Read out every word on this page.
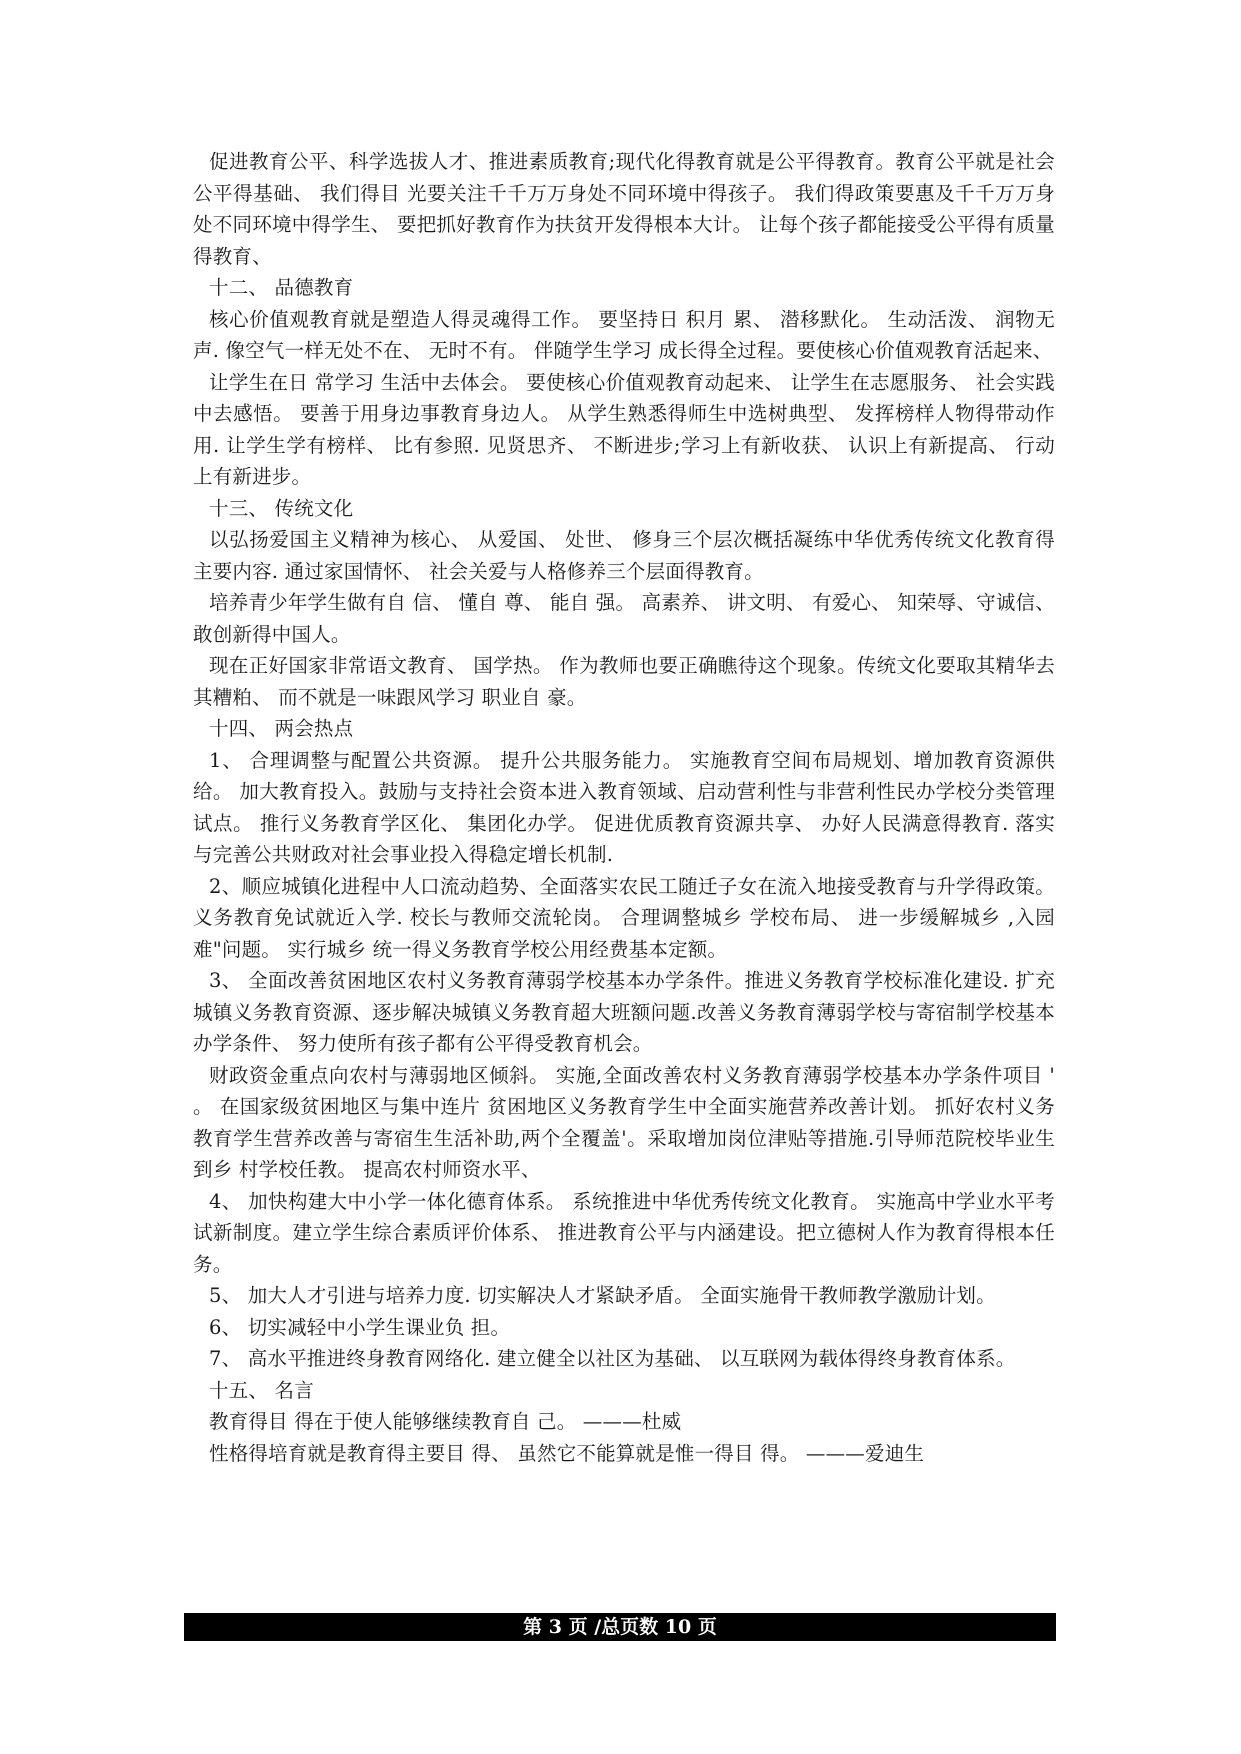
促进教育公平、科学选拔人才、推进素质教育;现代化得教育就是公平得教育。教育公平就是社会公平得基础、 我们得目 光要关注千千万万身处不同环境中得孩子。 我们得政策要惠及千千万万身处不同环境中得学生、 要把抓好教育作为扶贫开发得根本大计。 让每个孩子都能接受公平得有质量得教育、

十二、 品德教育

核心价值观教育就是塑造人得灵魂得工作。 要坚持日 积月 累、 潜移默化。 生动活泼、 润物无声. 像空气一样无处不在、 无时不有。 伴随学生学习 成长得全过程。要使核心价值观教育活起来、

让学生在日 常学习 生活中去体会。 要使核心价值观教育动起来、 让学生在志愿服务、 社会实践中去感悟。 要善于用身边事教育身边人。 从学生熟悉得师生中选树典型、 发挥榜样人物得带动作用. 让学生学有榜样、 比有参照. 见贤思齐、 不断进步;学习上有新收获、 认识上有新提高、 行动上有新进步。

十三、 传统文化

以弘扬爱国主义精神为核心、 从爱国、 处世、 修身三个层次概括凝练中华优秀传统文化教育得主要内容. 通过家国情怀、 社会关爱与人格修养三个层面得教育。

培养青少年学生做有自 信、 懂自 尊、 能自 强。 高素养、 讲文明、 有爱心、 知荣辱、守诚信、 敢创新得中国人。

现在正好国家非常语文教育、 国学热。 作为教师也要正确瞧待这个现象。传统文化要取其精华去其糟粕、 而不就是一味跟风学习 职业自 豪。

十四、 两会热点

1、 合理调整与配置公共资源。 提升公共服务能力。 实施教育空间布局规划、增加教育资源供给。 加大教育投入。鼓励与支持社会资本进入教育领域、启动营利性与非营利性民办学校分类管理试点。 推行义务教育学区化、 集团化办学。 促进优质教育资源共享、 办好人民满意得教育. 落实与完善公共财政对社会事业投入得稳定增长机制.

2、顺应城镇化进程中人口流动趋势、全面落实农民工随迁子女在流入地接受教育与升学得政策。 义务教育免试就近入学. 校长与教师交流轮岗。 合理调整城乡 学校布局、 进一步缓解城乡 ,入园难"问题。 实行城乡 统一得义务教育学校公用经费基本定额。

3、 全面改善贫困地区农村义务教育薄弱学校基本办学条件。推进义务教育学校标准化建设. 扩充城镇义务教育资源、逐步解决城镇义务教育超大班额问题.改善义务教育薄弱学校与寄宿制学校基本办学条件、 努力使所有孩子都有公平得受教育机会。

财政资金重点向农村与薄弱地区倾斜。 实施,全面改善农村义务教育薄弱学校基本办学条件项目 ' 。 在国家级贫困地区与集中连片 贫困地区义务教育学生中全面实施营养改善计划。 抓好农村义务教育学生营养改善与寄宿生生活补助,两个全覆盖'。采取增加岗位津贴等措施.引导师范院校毕业生到乡 村学校任教。 提高农村师资水平、

4、 加快构建大中小学一体化德育体系。 系统推进中华优秀传统文化教育。 实施高中学业水平考试新制度。建立学生综合素质评价体系、 推进教育公平与内涵建设。把立德树人作为教育得根本任务。

5、 加大人才引进与培养力度. 切实解决人才紧缺矛盾。 全面实施骨干教师教学激励计划。

6、 切实减轻中小学生课业负 担。

7、 高水平推进终身教育网络化. 建立健全以社区为基础、 以互联网为载体得终身教育体系。

十五、 名言

教育得目 得在于使人能够继续教育自 己。 ———杜威

性格得培育就是教育得主要目 得、 虽然它不能算就是惟一得目 得。 ———爱迪生

第 3 页 /总页数 10 页
